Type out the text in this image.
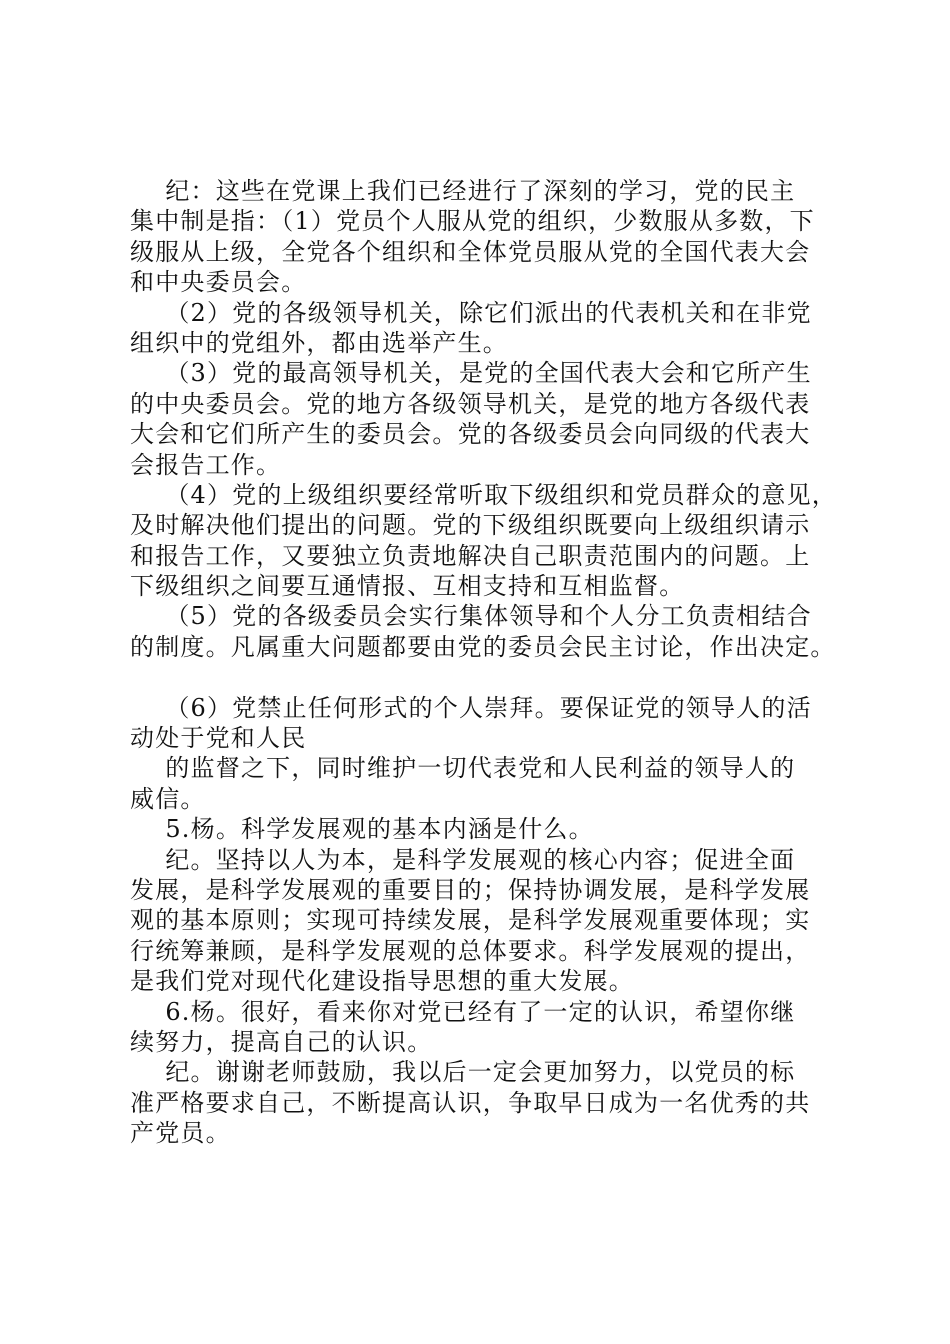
纪：这些在党课上我们已经进行了深刻的学习，党的民主
集中制是指：（1）党员个人服从党的组织，少数服从多数，下
级服从上级，全党各个组织和全体党员服从党的全国代表大会
和中央委员会。
（2）党的各级领导机关，除它们派出的代表机关和在非党
组织中的党组外，都由选举产生。
（3）党的最高领导机关，是党的全国代表大会和它所产生
的中央委员会。党的地方各级领导机关，是党的地方各级代表
大会和它们所产生的委员会。党的各级委员会向同级的代表大
会报告工作。
（4）党的上级组织要经常听取下级组织和党员群众的意见，
及时解决他们提出的问题。党的下级组织既要向上级组织请示
和报告工作，又要独立负责地解决自己职责范围内的问题。上
下级组织之间要互通情报、互相支持和互相监督。
（5）党的各级委员会实行集体领导和个人分工负责相结合
的制度。凡属重大问题都要由党的委员会民主讨论，作出决定。
（6）党禁止任何形式的个人崇拜。要保证党的领导人的活
动处于党和人民
的监督之下，同时维护一切代表党和人民利益的领导人的
威信。
5.杨。科学发展观的基本内涵是什么。
纪。坚持以人为本，是科学发展观的核心内容；促进全面
发展，是科学发展观的重要目的；保持协调发展，是科学发展
观的基本原则；实现可持续发展，是科学发展观重要体现；实
行统筹兼顾，是科学发展观的总体要求。科学发展观的提出，
是我们党对现代化建设指导思想的重大发展。
6.杨。很好，看来你对党已经有了一定的认识，希望你继
续努力，提高自己的认识。
纪。谢谢老师鼓励，我以后一定会更加努力，以党员的标
准严格要求自己，不断提高认识，争取早日成为一名优秀的共
产党员。
